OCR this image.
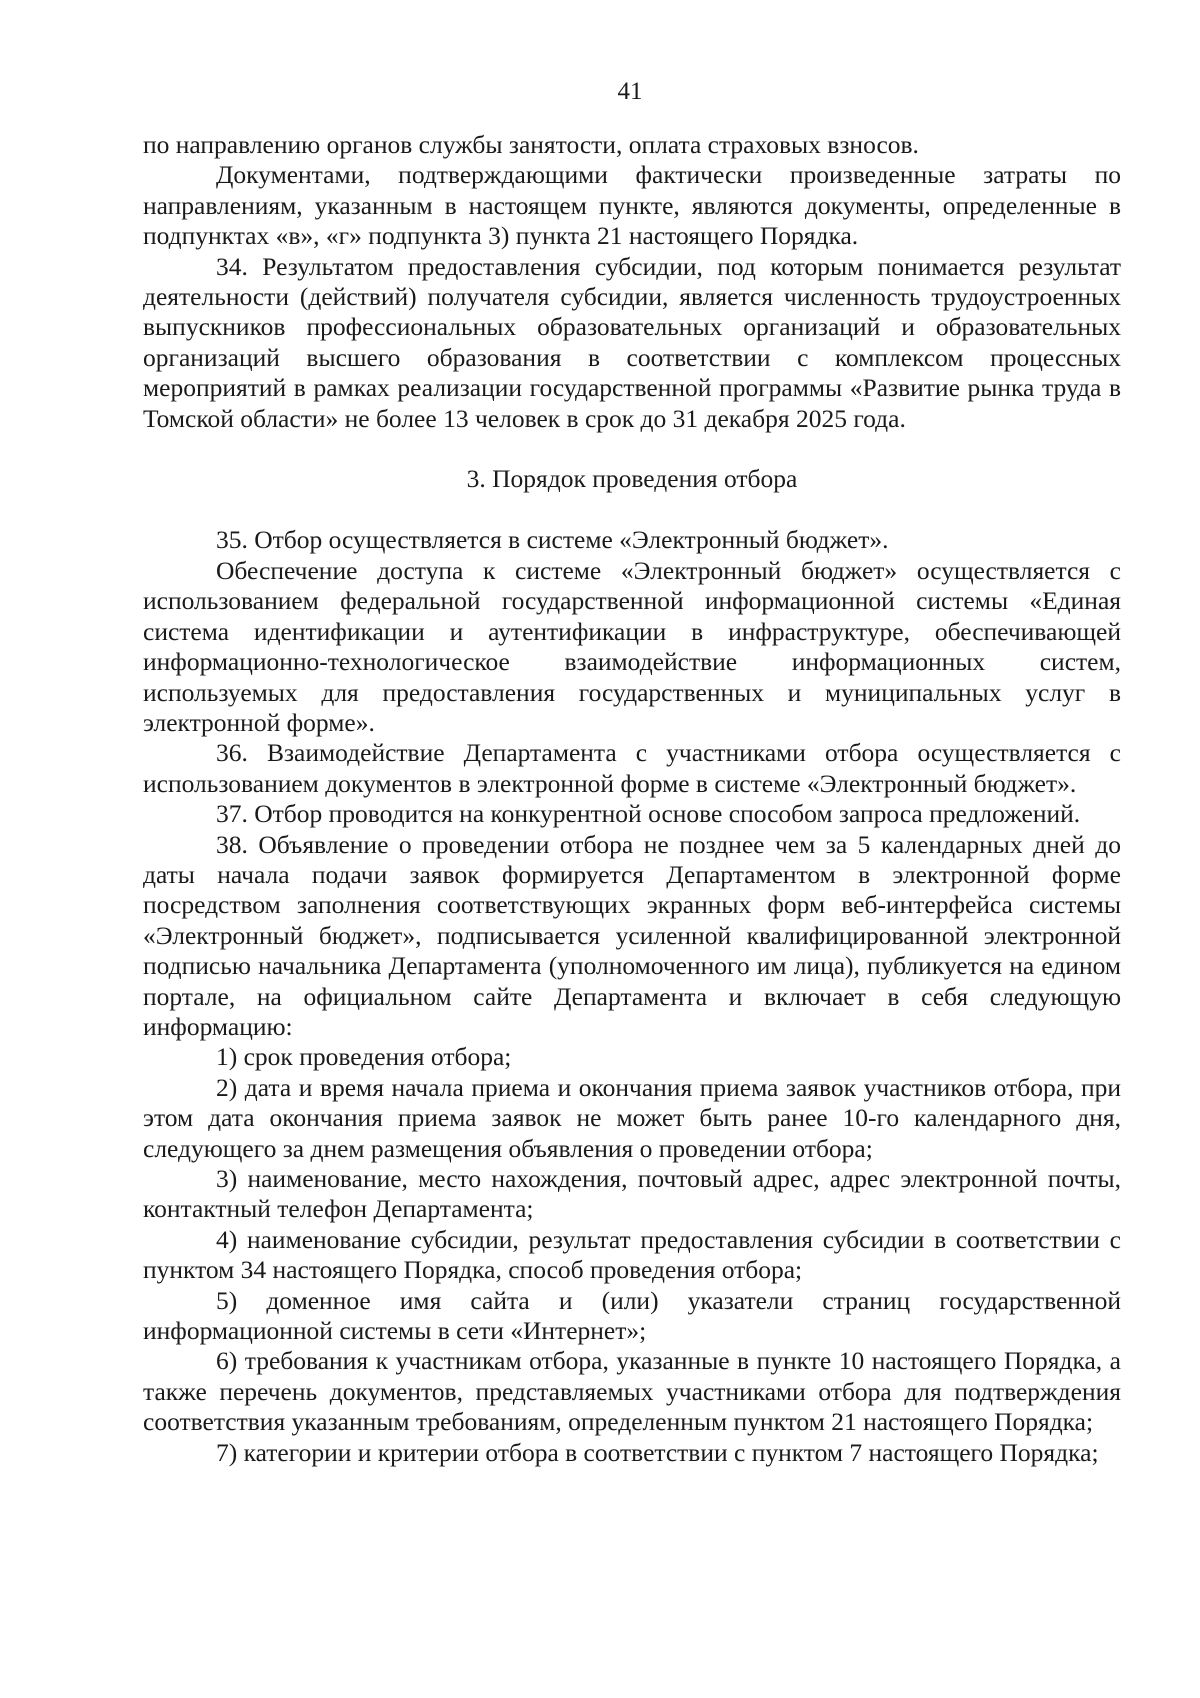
41

по направлению органов службы занятости, оплата страховых взносов.

Документами, подтверждающими фактически произведенные затраты по направлениям, указанным в настоящем пункте, являются документы, определенные в подпунктах «в», «г» подпункта 3) пункта 21 настоящего Порядка.

34. Результатом предоставления субсидии, под которым понимается результат деятельности (действий) получателя субсидии, является численность трудоустроенных выпускников профессиональных образовательных организаций и образовательных организаций высшего образования в соответствии с комплексом процессных мероприятий в рамках реализации государственной программы «Развитие рынка труда в Томской области» не более 13 человек в срок до 31 декабря 2025 года.

3. Порядок проведения отбора

35. Отбор осуществляется в системе «Электронный бюджет».

Обеспечение доступа к системе «Электронный бюджет» осуществляется с использованием федеральной государственной информационной системы «Единая система идентификации и аутентификации в инфраструктуре, обеспечивающей информационно-технологическое взаимодействие информационных систем, используемых для предоставления государственных и муниципальных услуг в электронной форме».

36. Взаимодействие Департамента с участниками отбора осуществляется с использованием документов в электронной форме в системе «Электронный бюджет».

37. Отбор проводится на конкурентной основе способом запроса предложений.

38. Объявление о проведении отбора не позднее чем за 5 календарных дней до даты начала подачи заявок формируется Департаментом в электронной форме посредством заполнения соответствующих экранных форм веб-интерфейса системы «Электронный бюджет», подписывается усиленной квалифицированной электронной подписью начальника Департамента (уполномоченного им лица), публикуется на едином портале, на официальном сайте Департамента и включает в себя следующую информацию:

1) срок проведения отбора;

2) дата и время начала приема и окончания приема заявок участников отбора, при этом дата окончания приема заявок не может быть ранее 10-го календарного дня, следующего за днем размещения объявления о проведении отбора;

3) наименование, место нахождения, почтовый адрес, адрес электронной почты, контактный телефон Департамента;

4) наименование субсидии, результат предоставления субсидии в соответствии с пунктом 34 настоящего Порядка, способ проведения отбора;

5) доменное имя сайта и (или) указатели страниц государственной информационной системы в сети «Интернет»;

6) требования к участникам отбора, указанные в пункте 10 настоящего Порядка, а также перечень документов, представляемых участниками отбора для подтверждения соответствия указанным требованиям, определенным пунктом 21 настоящего Порядка;

7) категории и критерии отбора в соответствии с пунктом 7 настоящего Порядка;
